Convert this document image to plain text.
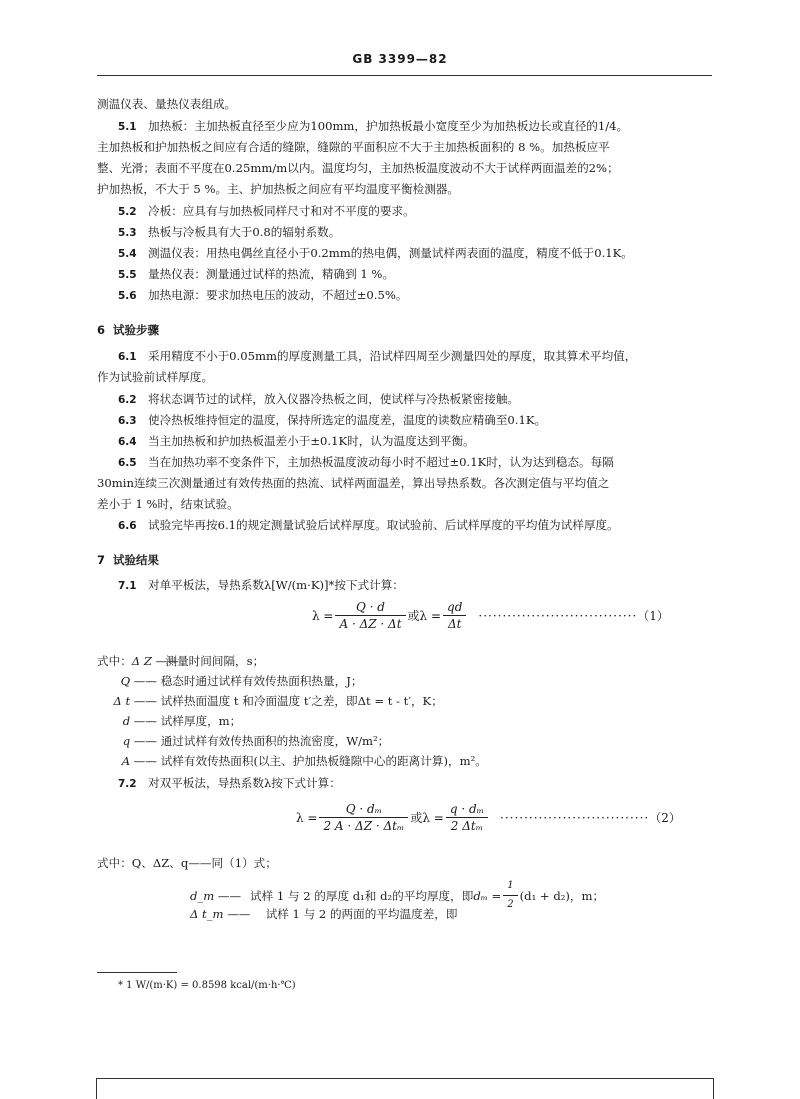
GB 3399—82
测温仪表、量热仪表组成。
5.1 加热板：主加热板直径至少应为100mm，护加热板最小宽度至少为加热板边长或直径的1/4。
主加热板和护加热板之间应有合适的缝隙，缝隙的平面积应不大于主加热板面积的 8 %。加热板应平
整、光滑；表面不平度在0.25mm/m以内。温度均匀，主加热板温度波动不大于试样两面温差的2%；
护加热板，不大于 5 %。主、护加热板之间应有平均温度平衡检测器。
5.2 冷板：应具有与加热板同样尺寸和对不平度的要求。
5.3 热板与冷板具有大于0.8的辐射系数。
5.4 测温仪表：用热电偶丝直径小于0.2mm的热电偶，测量试样两表面的温度，精度不低于0.1K。
5.5 量热仪表：测量通过试样的热流，精确到 1 %。
5.6 加热电源：要求加热电压的波动，不超过±0.5%。
6 试验步骤
6.1 采用精度不小于0.05mm的厚度测量工具，沿试样四周至少测量四处的厚度，取其算术平均值，
作为试验前试样厚度。
6.2 将状态调节过的试样，放入仪器冷热板之间，使试样与冷热板紧密接触。
6.3 使冷热板维持恒定的温度，保持所选定的温度差，温度的读数应精确至0.1K。
6.4 当主加热板和护加热板温差小于±0.1K时，认为温度达到平衡。
6.5 当在加热功率不变条件下，主加热板温度波动每小时不超过±0.1K时，认为达到稳态。每隔
30min连续三次测量通过有效传热面的热流、试样两面温差，算出导热系数。各次测定值与平均值之
差小于 1 %时，结束试验。
6.6 试验完毕再按6.1的规定测量试验后试样厚度。取试验前、后试样厚度的平均值为试样厚度。
7 试验结果
7.1 对单平板法，导热系数λ[W/(m·K)]*按下式计算：
$\lambda = \frac{Q \cdot d}{A \cdot \Delta Z \cdot \Delta t}$ 或$\lambda = \frac{qd}{\Delta t}$ ································· （1）
式中：Δ Z —— 测量时间间隔，s；
Q —— 稳态时通过试样有效传热面积热量，J；
Δ t —— 试样热面温度 t 和冷面温度 t′之差，即Δt = t - t′，K；
d —— 试样厚度，m；
q —— 通过试样有效传热面积的热流密度，W/m²；
A —— 试样有效传热面积(以主、护加热板缝隙中心的距离计算)，m²。
7.2 对双平板法，导热系数λ按下式计算：
$\lambda = \frac{\text{Q · dₘ}}{\text{2 A · ΔZ · Δtₘ}}$ 或$\lambda = \frac{\text{q · dₘ}}{\text{2 Δtₘ}}$ ······························· （2）
式中：Q、ΔZ、q——同（1）式；
d_m —— 试样 1 与 2 的厚度 d₁和 d₂的平均厚度，即 $d_m = \frac{1}{2} (d_1 + d_2)$，m；
Δ t_m —— 试样 1 与 2 的两面的平均温度差，即
* 1 W/(m·K) = 0.8598 kcal/(m·h·℃)
